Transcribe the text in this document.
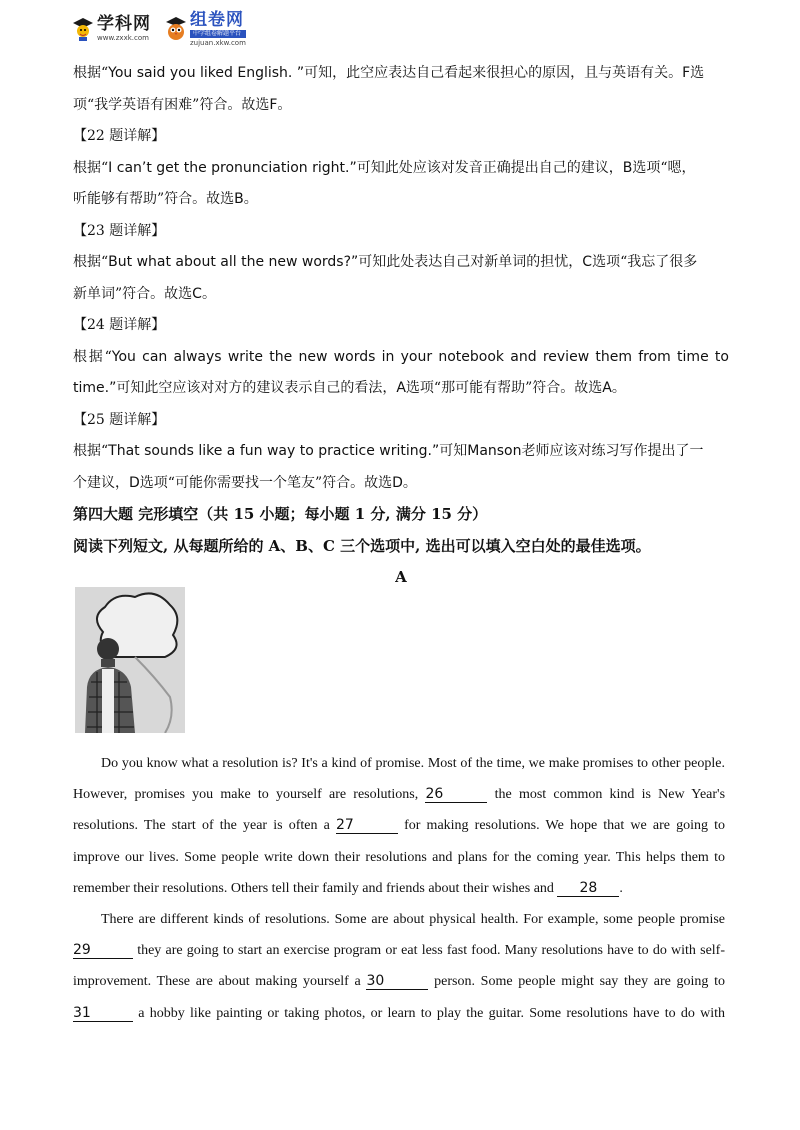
学科网
www.zxxk.com
组卷网
中学组卷解题平台
zujuan.xkw.com
根据“You said you liked English. ”可知，此空应表达自己看起来很担心的原因，且与英语有关。F选
项“我学英语有困难”符合。故选F。
【22 题详解】
根据“I can’t get the pronunciation right.”可知此处应该对发音正确提出自己的建议，B选项“嗯，
听能够有帮助”符合。故选B。
【23 题详解】
根据“But what about all the new words?”可知此处表达自己对新单词的担忧，C选项“我忘了很多
新单词”符合。故选C。
【24 题详解】
根据“You can always write the new words in your notebook and review them from time to
time.”可知此空应该对对方的建议表示自己的看法，A选项“那可能有帮助”符合。故选A。
【25 题详解】
根据“That sounds like a fun way to practice writing.”可知Manson老师应该对练习写作提出了一
个建议，D选项“可能你需要找一个笔友”符合。故选D。
第四大题 完形填空（共 15 小题；每小题 1 分, 满分 15 分）
阅读下列短文, 从每题所给的 A、B、C 三个选项中, 选出可以填入空白处的最佳选项。
A
Do you know what a resolution is? It's a kind of promise. Most of the time, we make promises to other people.
However, promises you make to yourself are resolutions, 26	the most common kind is New Year's
resolutions. The start of the year is often a 27	for making resolutions. We hope that we are going to
improve our lives. Some people write down their resolutions and plans for the coming year. This helps them to
remember their resolutions. Others tell their family and friends about their wishes and 28 .
There are different kinds of resolutions. Some are about physical health. For example, some people promise
29	they are going to start an exercise program or eat less fast food. Many resolutions have to do with self-
improvement. These are about making yourself a 30	person. Some people might say they are going to
31	a hobby like painting or taking photos, or learn to play the guitar. Some resolutions have to do with
